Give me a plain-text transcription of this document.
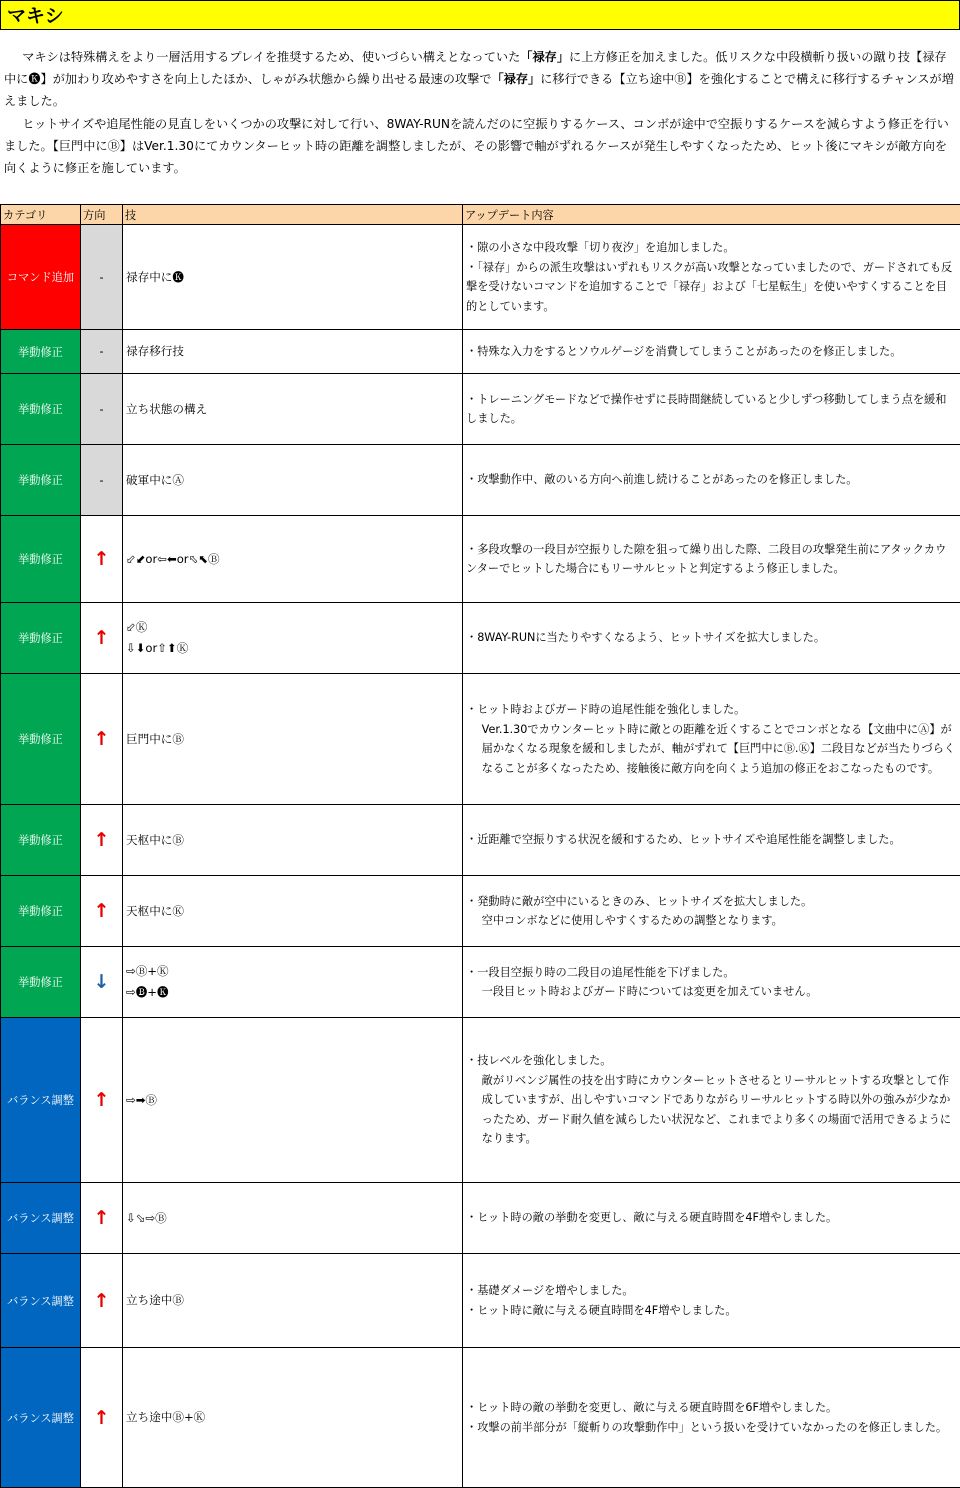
マキシ

マキシは特殊構えをより一層活用するプレイを推奨するため、使いづらい構えとなっていた「禄存」に上方修正を加えました。低リスクな中段横斬り扱いの蹴り技【禄存中に🅚】が加わり攻めやすさを向上したほか、しゃがみ状態から繰り出せる最速の攻撃で「禄存」に移行できる【立ち途中Ⓑ】を強化することで構えに移行するチャンスが増えました。

ヒットサイズや追尾性能の見直しをいくつかの攻撃に対して行い、8WAY-RUNを読んだのに空振りするケース、コンボが途中で空振りするケースを減らすよう修正を行いました。【巨門中にⒷ】はVer.1.30にてカウンターヒット時の距離を調整しましたが、その影響で軸がずれるケースが発生しやすくなったため、ヒット後にマキシが敵方向を向くように修正を施しています。

カテゴリ	方向	技	アップデート内容
コマンド追加	-	禄存中に🅚	・隙の小さな中段攻撃「切り夜汐」を追加しました。
・「禄存」からの派生攻撃はいずれもリスクが高い攻撃となっていましたので、ガードされても反撃を受けないコマンドを追加することで「禄存」および「七星転生」を使いやすくすることを目的としています。

挙動修正	-	禄存移行技	・特殊な入力をするとソウルゲージを消費してしまうことがあったのを修正しました。

挙動修正	-	立ち状態の構え	・トレーニングモードなどで操作せずに長時間継続していると少しずつ移動してしまう点を緩和しました。

挙動修正	-	破軍中にⒶ	・攻撃動作中、敵のいる方向へ前進し続けることがあったのを修正しました。

挙動修正	↑	⬃⬋or⇦⬅or⬁⬉Ⓑ	・多段攻撃の一段目が空振りした隙を狙って繰り出した際、二段目の攻撃発生前にアタックカウンターでヒットした場合にもリーサルヒットと判定するよう修正しました。

挙動修正	↑	⬃Ⓚ
⇩⬇or⇧⬆Ⓚ	・8WAY-RUNに当たりやすくなるよう、ヒットサイズを拡大しました。

挙動修正	↑	巨門中にⒷ	・ヒット時およびガード時の追尾性能を強化しました。
Ver.1.30でカウンターヒット時に敵との距離を近くすることでコンボとなる【文曲中にⒶ】が届かなくなる現象を緩和しましたが、軸がずれて【巨門中にⒷ.Ⓚ】二段目などが当たりづらくなることが多くなったため、接触後に敵方向を向くよう追加の修正をおこなったものです。

挙動修正	↑	天枢中にⒷ	・近距離で空振りする状況を緩和するため、ヒットサイズや追尾性能を調整しました。

挙動修正	↑	天枢中にⓀ	・発動時に敵が空中にいるときのみ、ヒットサイズを拡大しました。
空中コンボなどに使用しやすくするための調整となります。

挙動修正	↓	⇨Ⓑ+Ⓚ
⇨🅑+🅚	・一段目空振り時の二段目の追尾性能を下げました。
一段目ヒット時およびガード時については変更を加えていません。

バランス調整	↑	⇨➡Ⓑ	・技レベルを強化しました。
敵がリベンジ属性の技を出す時にカウンターヒットさせるとリーサルヒットする攻撃として作成していますが、出しやすいコマンドでありながらリーサルヒットする時以外の強みが少なかったため、ガード耐久値を減らしたい状況など、これまでより多くの場面で活用できるようになります。

バランス調整	↑	⇩⬂⇨Ⓑ	・ヒット時の敵の挙動を変更し、敵に与える硬直時間を4F増やしました。

バランス調整	↑	立ち途中Ⓑ	・基礎ダメージを増やしました。
・ヒット時に敵に与える硬直時間を4F増やしました。

バランス調整	↑	立ち途中Ⓑ+Ⓚ	・ヒット時の敵の挙動を変更し、敵に与える硬直時間を6F増やしました。
・攻撃の前半部分が「縦斬りの攻撃動作中」という扱いを受けていなかったのを修正しました。
